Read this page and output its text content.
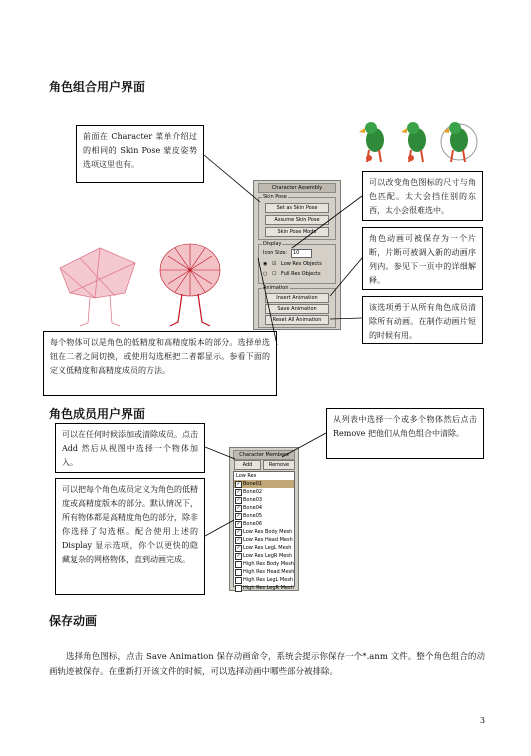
角色组合用户界面
角色成员用户界面
保存动画
Character Assembly
Skin Pose
Set as Skin Pose
Assume Skin Pose
Skin Pose Mode
Display
Icon Size:	10
◉ ☑ Low Res Objects
○ ☐ Full Res Objects
Animation
Insert Animation
Save Animation
Reset All Animation
前面在 Character 菜单介绍过的相同的 Skin Pose 蒙皮姿势选项这里也有。
可以改变角色图标的尺寸与角色匹配。太大会挡住别的东西，太小会很难选中。
角色动画可被保存为一个片断，片断可被调入新的动画序列内。参见下一页中的详细解释。
该选项勇于从所有角色成员清除所有动画。在制作动画片短的时候有用。
每个物体可以是角色的低精度和高精度版本的部分。选择单选钮在二者之间切换，或使用勾选框把二者都显示。参看下面的定义低精度和高精度成员的方法。
Character Members
Add	Remove
Low Res
✓ Bone01
✓ Bone02
✓ Bone03
✓ Bone04
✓ Bone05
✓ Bone06
✓ Low Res Body Mesh
✓ Low Res Head Mesh
✓ Low Res LegL Mesh
✓ Low Res LegR Mesh
High Res Body Mesh
High Res Head Mesh
High Res LegL Mesh
High Res LegR Mesh
从列表中选择一个或多个物体然后点击 Remove 把他们从角色组合中清除。
可以在任何时候添加或清除成员。点击 Add 然后从视图中选择一个物体加入。
可以把每个角色成员定义为角色的低精度或高精度版本的部分。默认情况下，所有物体都是高精度角色的部分，除非你选择了勾选框。配合使用上述的 Display 显示选项，你个以更快的隐藏复杂的网格物体，直到动画完成。
选择角色图标，点击 Save Animation 保存动画命令，系统会提示你保存一个*.anm 文件。整个角色组合的动画轨迹被保存。在重新打开该文件的时候，可以选择动画中哪些部分被排除。
3
